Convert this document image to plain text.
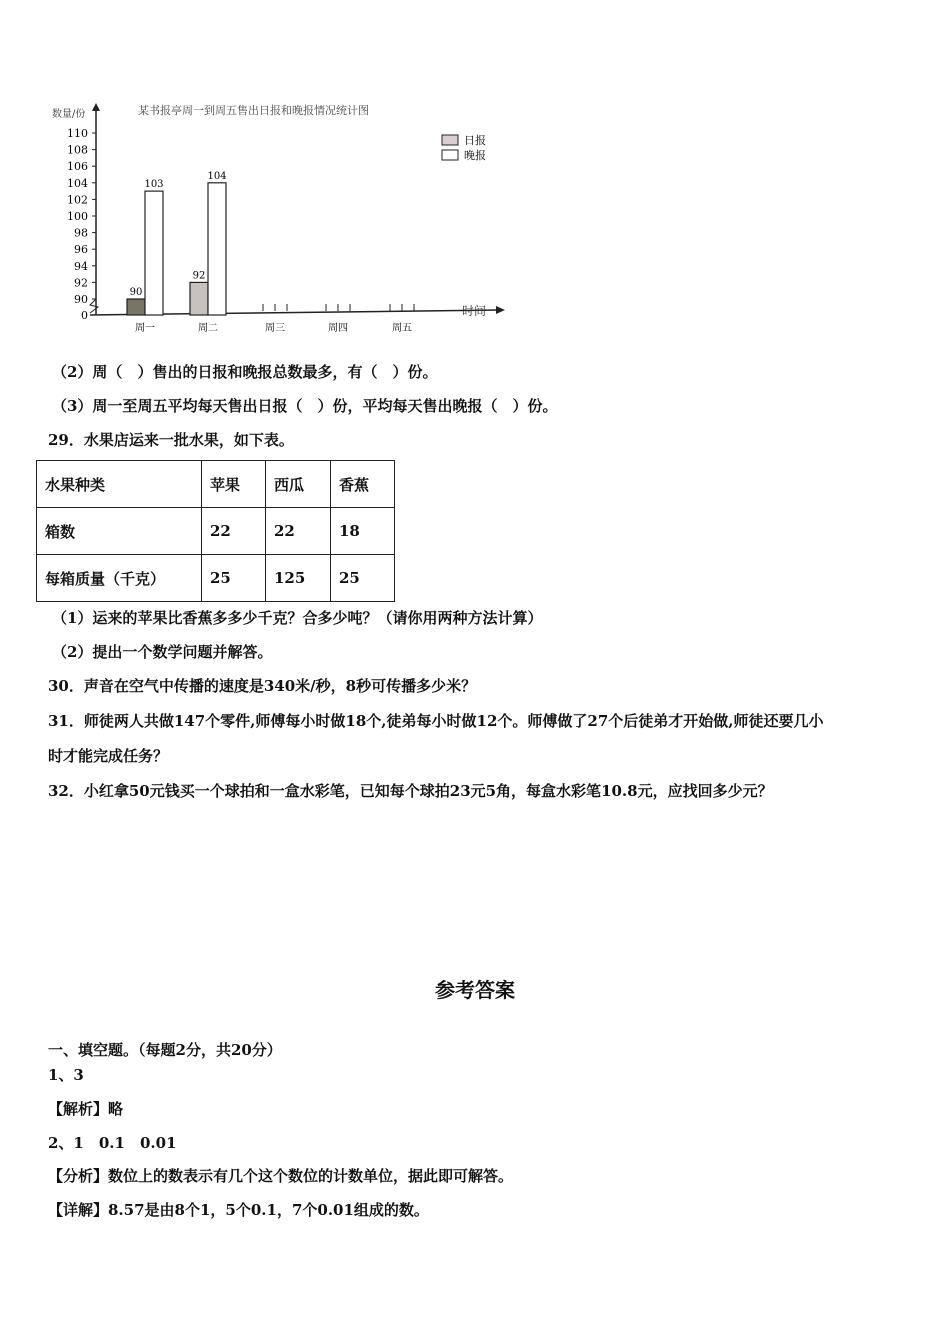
某书报亭周一到周五售出日报和晚报情况统计图
数量/份
时间
0
90
92
94
96
98
100
102
104
106
108
110
90
103
92
104
周一	周二	周三	周四	周五
日报
晚报
（2）周（　）售出的日报和晚报总数最多，有（　）份。
（3）周一至周五平均每天售出日报（　）份，平均每天售出晚报（　）份。
29．水果店运来一批水果，如下表。
水果种类	苹果	西瓜	香蕉
箱数	22	22	18
每箱质量（千克）	25	125	25
（1）运来的苹果比香蕉多多少千克？合多少吨？（请你用两种方法计算）
（2）提出一个数学问题并解答。
30．声音在空气中传播的速度是340米/秒，8秒可传播多少米？
31．师徒两人共做147个零件,师傅每小时做18个,徒弟每小时做12个。师傅做了27个后徒弟才开始做,师徒还要几小
时才能完成任务？
32．小红拿50元钱买一个球拍和一盒水彩笔，已知每个球拍23元5角，每盒水彩笔10.8元，应找回多少元？
参考答案
一、填空题。（每题2分，共20分）
1、3
【解析】略
2、1　0.1　0.01
【分析】数位上的数表示有几个这个数位的计数单位，据此即可解答。
【详解】8.57是由8个1，5个0.1，7个0.01组成的数。
